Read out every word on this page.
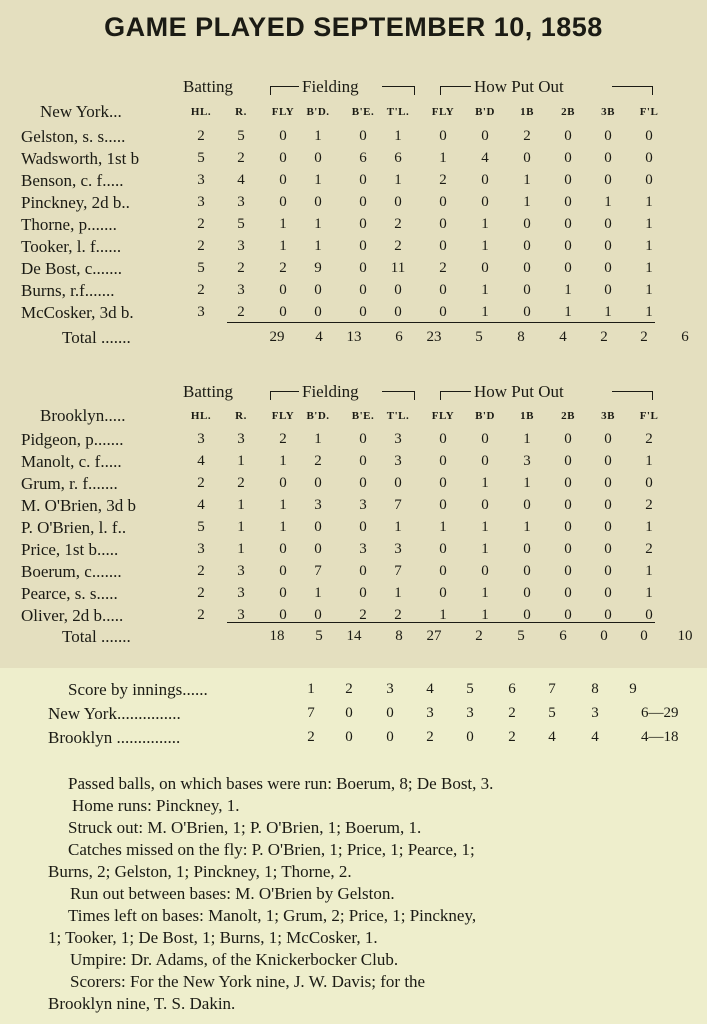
GAME PLAYED SEPTEMBER 10, 1858
Batting	Fielding	How Put Out
New York...	HL.	R.	FLY	B'D.	B'E.	T'L.	FLY	B'D	1B	2B	3B	F'L
Gelston, s. s.....	2	5	0	1	0	1	0	0	2	0	0	0
Wadsworth, 1st b	5	2	0	0	6	6	1	4	0	0	0	0
Benson, c. f.....	3	4	0	1	0	1	2	0	1	0	0	0
Pinckney, 2d b..	3	3	0	0	0	0	0	0	1	0	1	1
Thorne, p.......	2	5	1	1	0	2	0	1	0	0	0	1
Tooker, l. f......	2	3	1	1	0	2	0	1	0	0	0	1
De Bost, c.......	5	2	2	9	0	11	2	0	0	0	0	1
Burns, r.f.......	2	3	0	0	0	0	0	1	0	1	0	1
McCosker, 3d b.	3	2	0	0	0	0	0	1	0	1	1	1
Total .......	29	4	13	6	23	5	8	4	2	2	6
Batting	Fielding	How Put Out
Brooklyn.....	HL.	R.	FLY	B'D.	B'E.	T'L.	FLY	B'D	1B	2B	3B	F'L
Pidgeon, p.......	3	3	2	1	0	3	0	0	1	0	0	2
Manolt, c. f.....	4	1	1	2	0	3	0	0	3	0	0	1
Grum, r. f.......	2	2	0	0	0	0	0	1	1	0	0	0
M. O'Brien, 3d b	4	1	1	3	3	7	0	0	0	0	0	2
P. O'Brien, l. f..	5	1	1	0	0	1	1	1	1	0	0	1
Price, 1st b.....	3	1	0	0	3	3	0	1	0	0	0	2
Boerum, c.......	2	3	0	7	0	7	0	0	0	0	0	1
Pearce, s. s.....	2	3	0	1	0	1	0	1	0	0	0	1
Oliver, 2d b.....	2	3	0	0	2	2	1	1	0	0	0	0
Total .......	18	5	14	8	27	2	5	6	0	0	10
Score by innings......	1	2	3	4	5	6	7	8	9
New York...............	7	0	0	3	3	2	5	3	6—29
Brooklyn ...............	2	0	0	2	0	2	4	4	4—18
Passed balls, on which bases were run: Boerum, 8; De Bost, 3.
Home runs: Pinckney, 1.
Struck out: M. O'Brien, 1; P. O'Brien, 1; Boerum, 1.
Catches missed on the fly: P. O'Brien, 1; Price, 1; Pearce, 1;
Burns, 2; Gelston, 1; Pinckney, 1; Thorne, 2.
Run out between bases: M. O'Brien by Gelston.
Times left on bases: Manolt, 1; Grum, 2; Price, 1; Pinckney,
1; Tooker, 1; De Bost, 1; Burns, 1; McCosker, 1.
Umpire: Dr. Adams, of the Knickerbocker Club.
Scorers: For the New York nine, J. W. Davis; for the
Brooklyn nine, T. S. Dakin.
